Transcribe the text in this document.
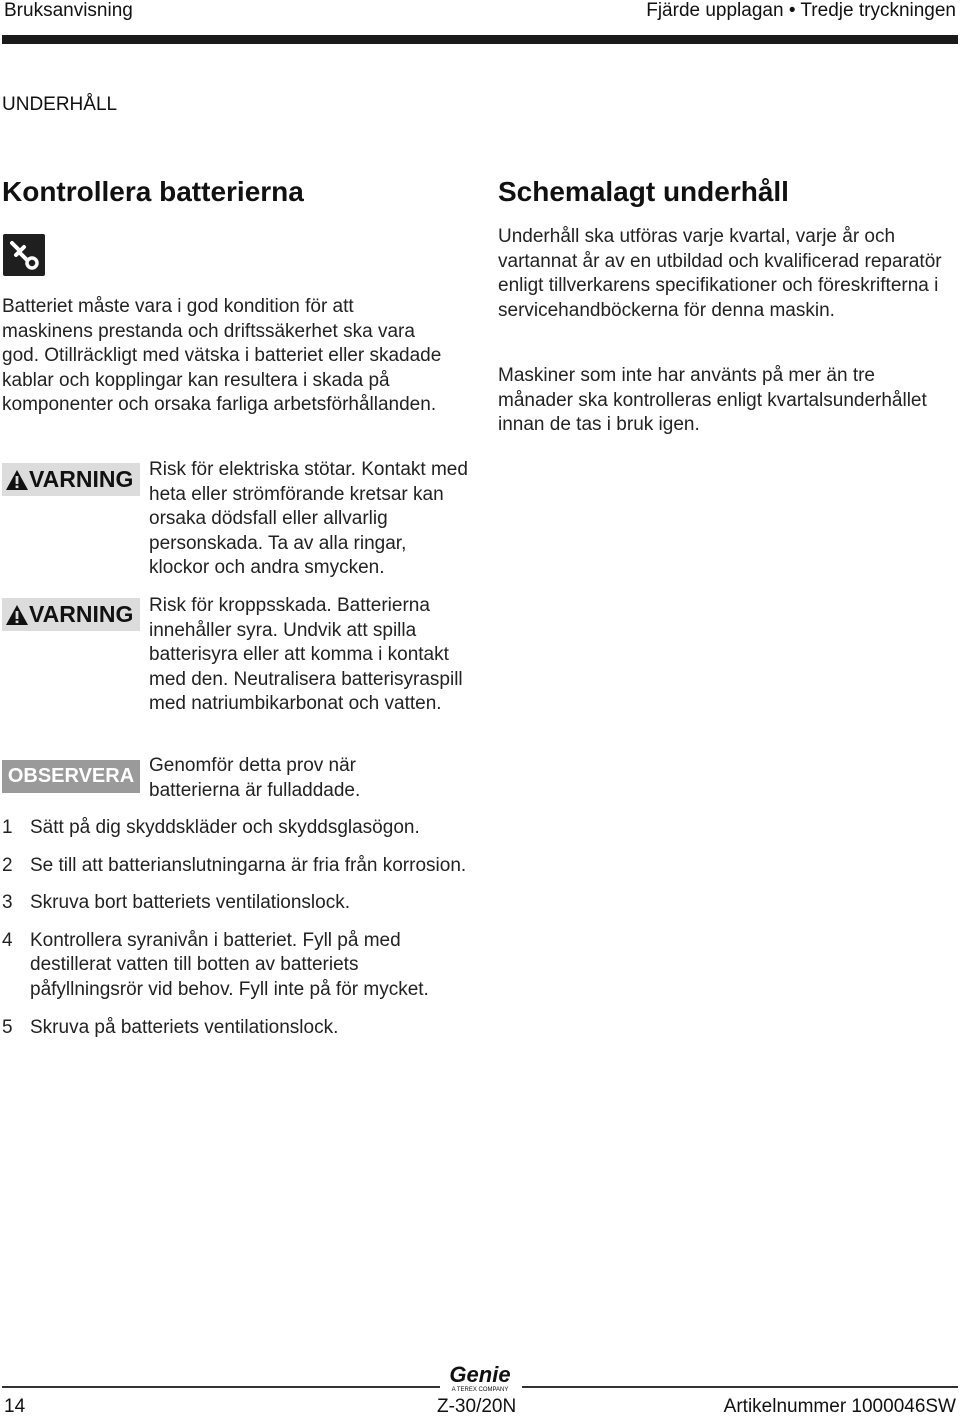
Bruksanvisning	Fjärde upplagan • Tredje tryckningen
UNDERHÅLL
Kontrollera batterierna	Schemalagt underhåll
Batteriet måste vara i god kondition för att maskinens prestanda och driftssäkerhet ska vara god. Otillräckligt med vätska i batteriet eller skadade kablar och kopplingar kan resultera i skada på komponenter och orsaka farliga arbetsförhållanden.
Underhåll ska utföras varje kvartal, varje år och vartannat år av en utbildad och kvalificerad reparatör enligt tillverkarens specifikationer och föreskrifterna i servicehandböckerna för denna maskin.
Maskiner som inte har använts på mer än tre månader ska kontrolleras enligt kvartalsunderhållet innan de tas i bruk igen.
VARNING Risk för elektriska stötar. Kontakt med heta eller strömförande kretsar kan orsaka dödsfall eller allvarlig personskada. Ta av alla ringar, klockor och andra smycken.
VARNING Risk för kroppsskada. Batterierna innehåller syra. Undvik att spilla batterisyra eller att komma i kontakt med den. Neutralisera batterisyraspill med natriumbikarbonat och vatten.
OBSERVERA Genomför detta prov när batterierna är fulladdade.
1 Sätt på dig skyddskläder och skyddsglasögon.
2 Se till att batterianslutningarna är fria från korrosion.
3 Skruva bort batteriets ventilationslock.
4 Kontrollera syranivån i batteriet. Fyll på med destillerat vatten till botten av batteriets påfyllningsrör vid behov. Fyll inte på för mycket.
5 Skruva på batteriets ventilationslock.
Genie
A TEREX COMPANY
14	Z-30/20N	Artikelnummer 1000046SW
